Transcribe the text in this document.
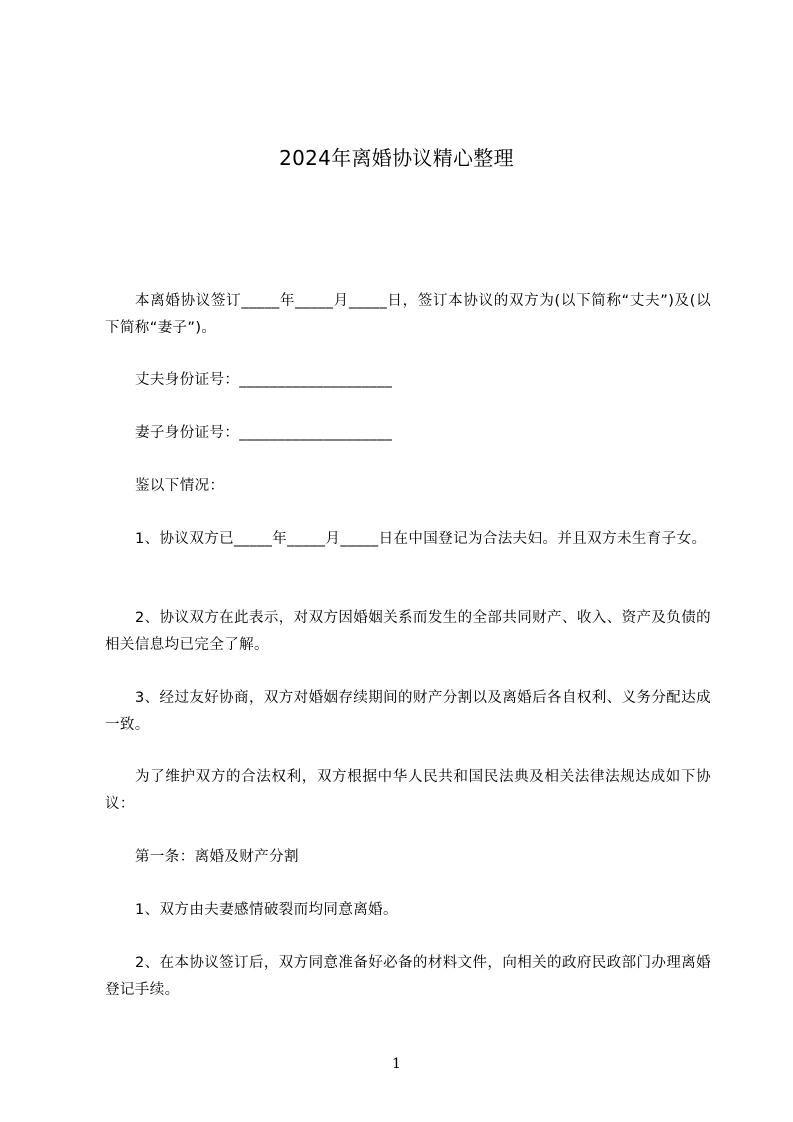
2024年离婚协议精心整理
本离婚协议签订_____年_____月_____日，签订本协议的双方为(以下简称“丈夫”)及(以下简称“妻子”)。
丈夫身份证号：____________________
妻子身份证号：____________________
鉴以下情况：
1、协议双方已_____年_____月_____日在中国登记为合法夫妇。并且双方未生育子女。
2、协议双方在此表示，对双方因婚姻关系而发生的全部共同财产、收入、资产及负债的相关信息均已完全了解。
3、经过友好协商，双方对婚姻存续期间的财产分割以及离婚后各自权利、义务分配达成一致。
为了维护双方的合法权利，双方根据中华人民共和国民法典及相关法律法规达成如下协议：
第一条：离婚及财产分割
1、双方由夫妻感情破裂而均同意离婚。
2、在本协议签订后，双方同意准备好必备的材料文件，向相关的政府民政部门办理离婚登记手续。
1
